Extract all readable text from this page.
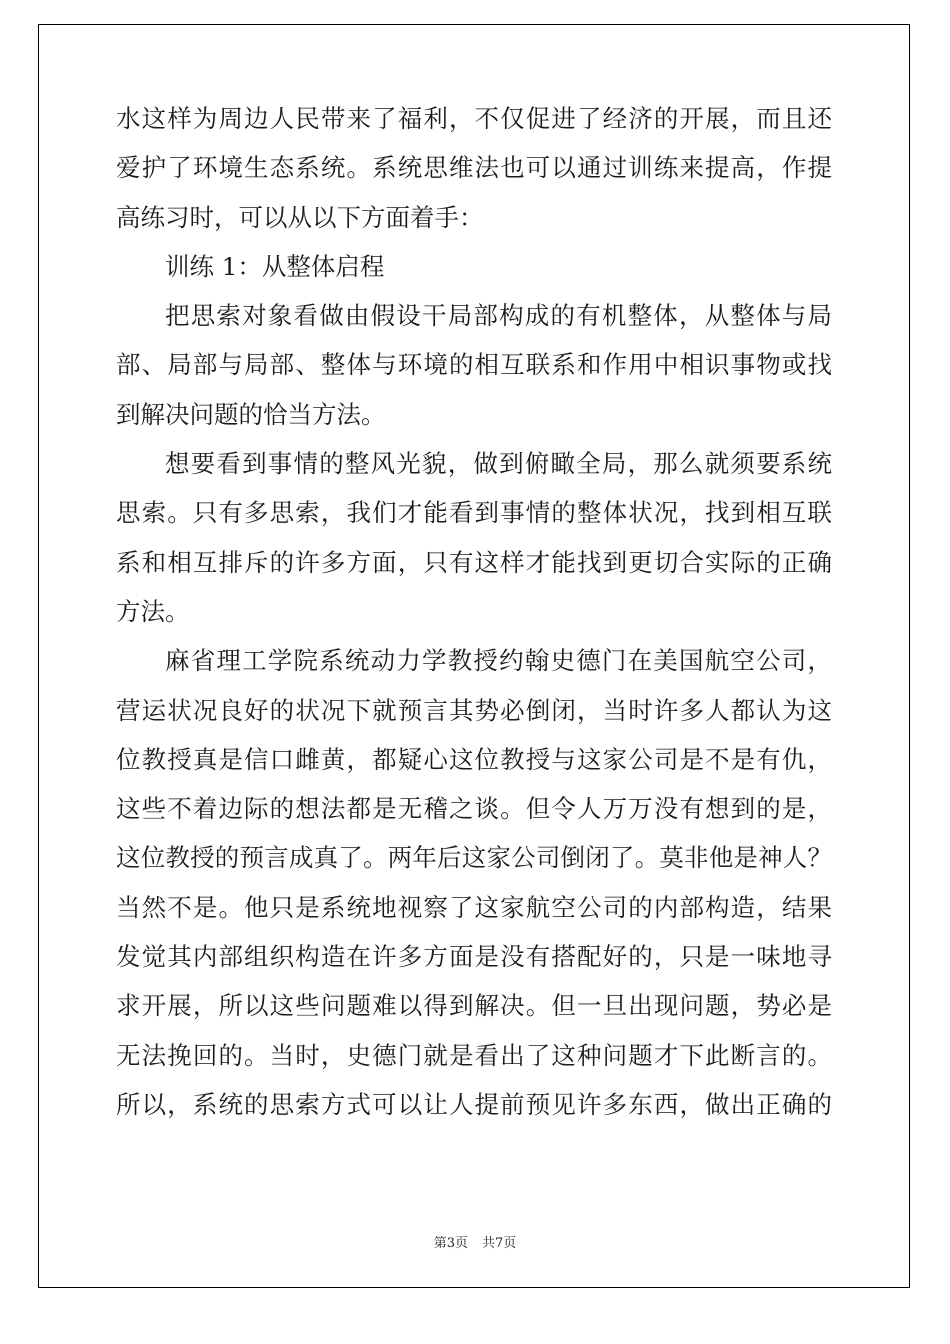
水这样为周边人民带来了福利，不仅促进了经济的开展，而且还
爱护了环境生态系统。系统思维法也可以通过训练来提高，作提
高练习时，可以从以下方面着手：
训练 1：从整体启程
把思索对象看做由假设干局部构成的有机整体，从整体与局
部、局部与局部、整体与环境的相互联系和作用中相识事物或找
到解决问题的恰当方法。
想要看到事情的整风光貌，做到俯瞰全局，那么就须要系统
思索。只有多思索，我们才能看到事情的整体状况，找到相互联
系和相互排斥的许多方面，只有这样才能找到更切合实际的正确
方法。
麻省理工学院系统动力学教授约翰史德门在美国航空公司，
营运状况良好的状况下就预言其势必倒闭，当时许多人都认为这
位教授真是信口雌黄，都疑心这位教授与这家公司是不是有仇，
这些不着边际的想法都是无稽之谈。但令人万万没有想到的是，
这位教授的预言成真了。两年后这家公司倒闭了。莫非他是神人？
当然不是。他只是系统地视察了这家航空公司的内部构造，结果
发觉其内部组织构造在许多方面是没有搭配好的，只是一味地寻
求开展，所以这些问题难以得到解决。但一旦出现问题，势必是
无法挽回的。当时，史德门就是看出了这种问题才下此断言的。
所以，系统的思索方式可以让人提前预见许多东西，做出正确的
第3页 共7页
